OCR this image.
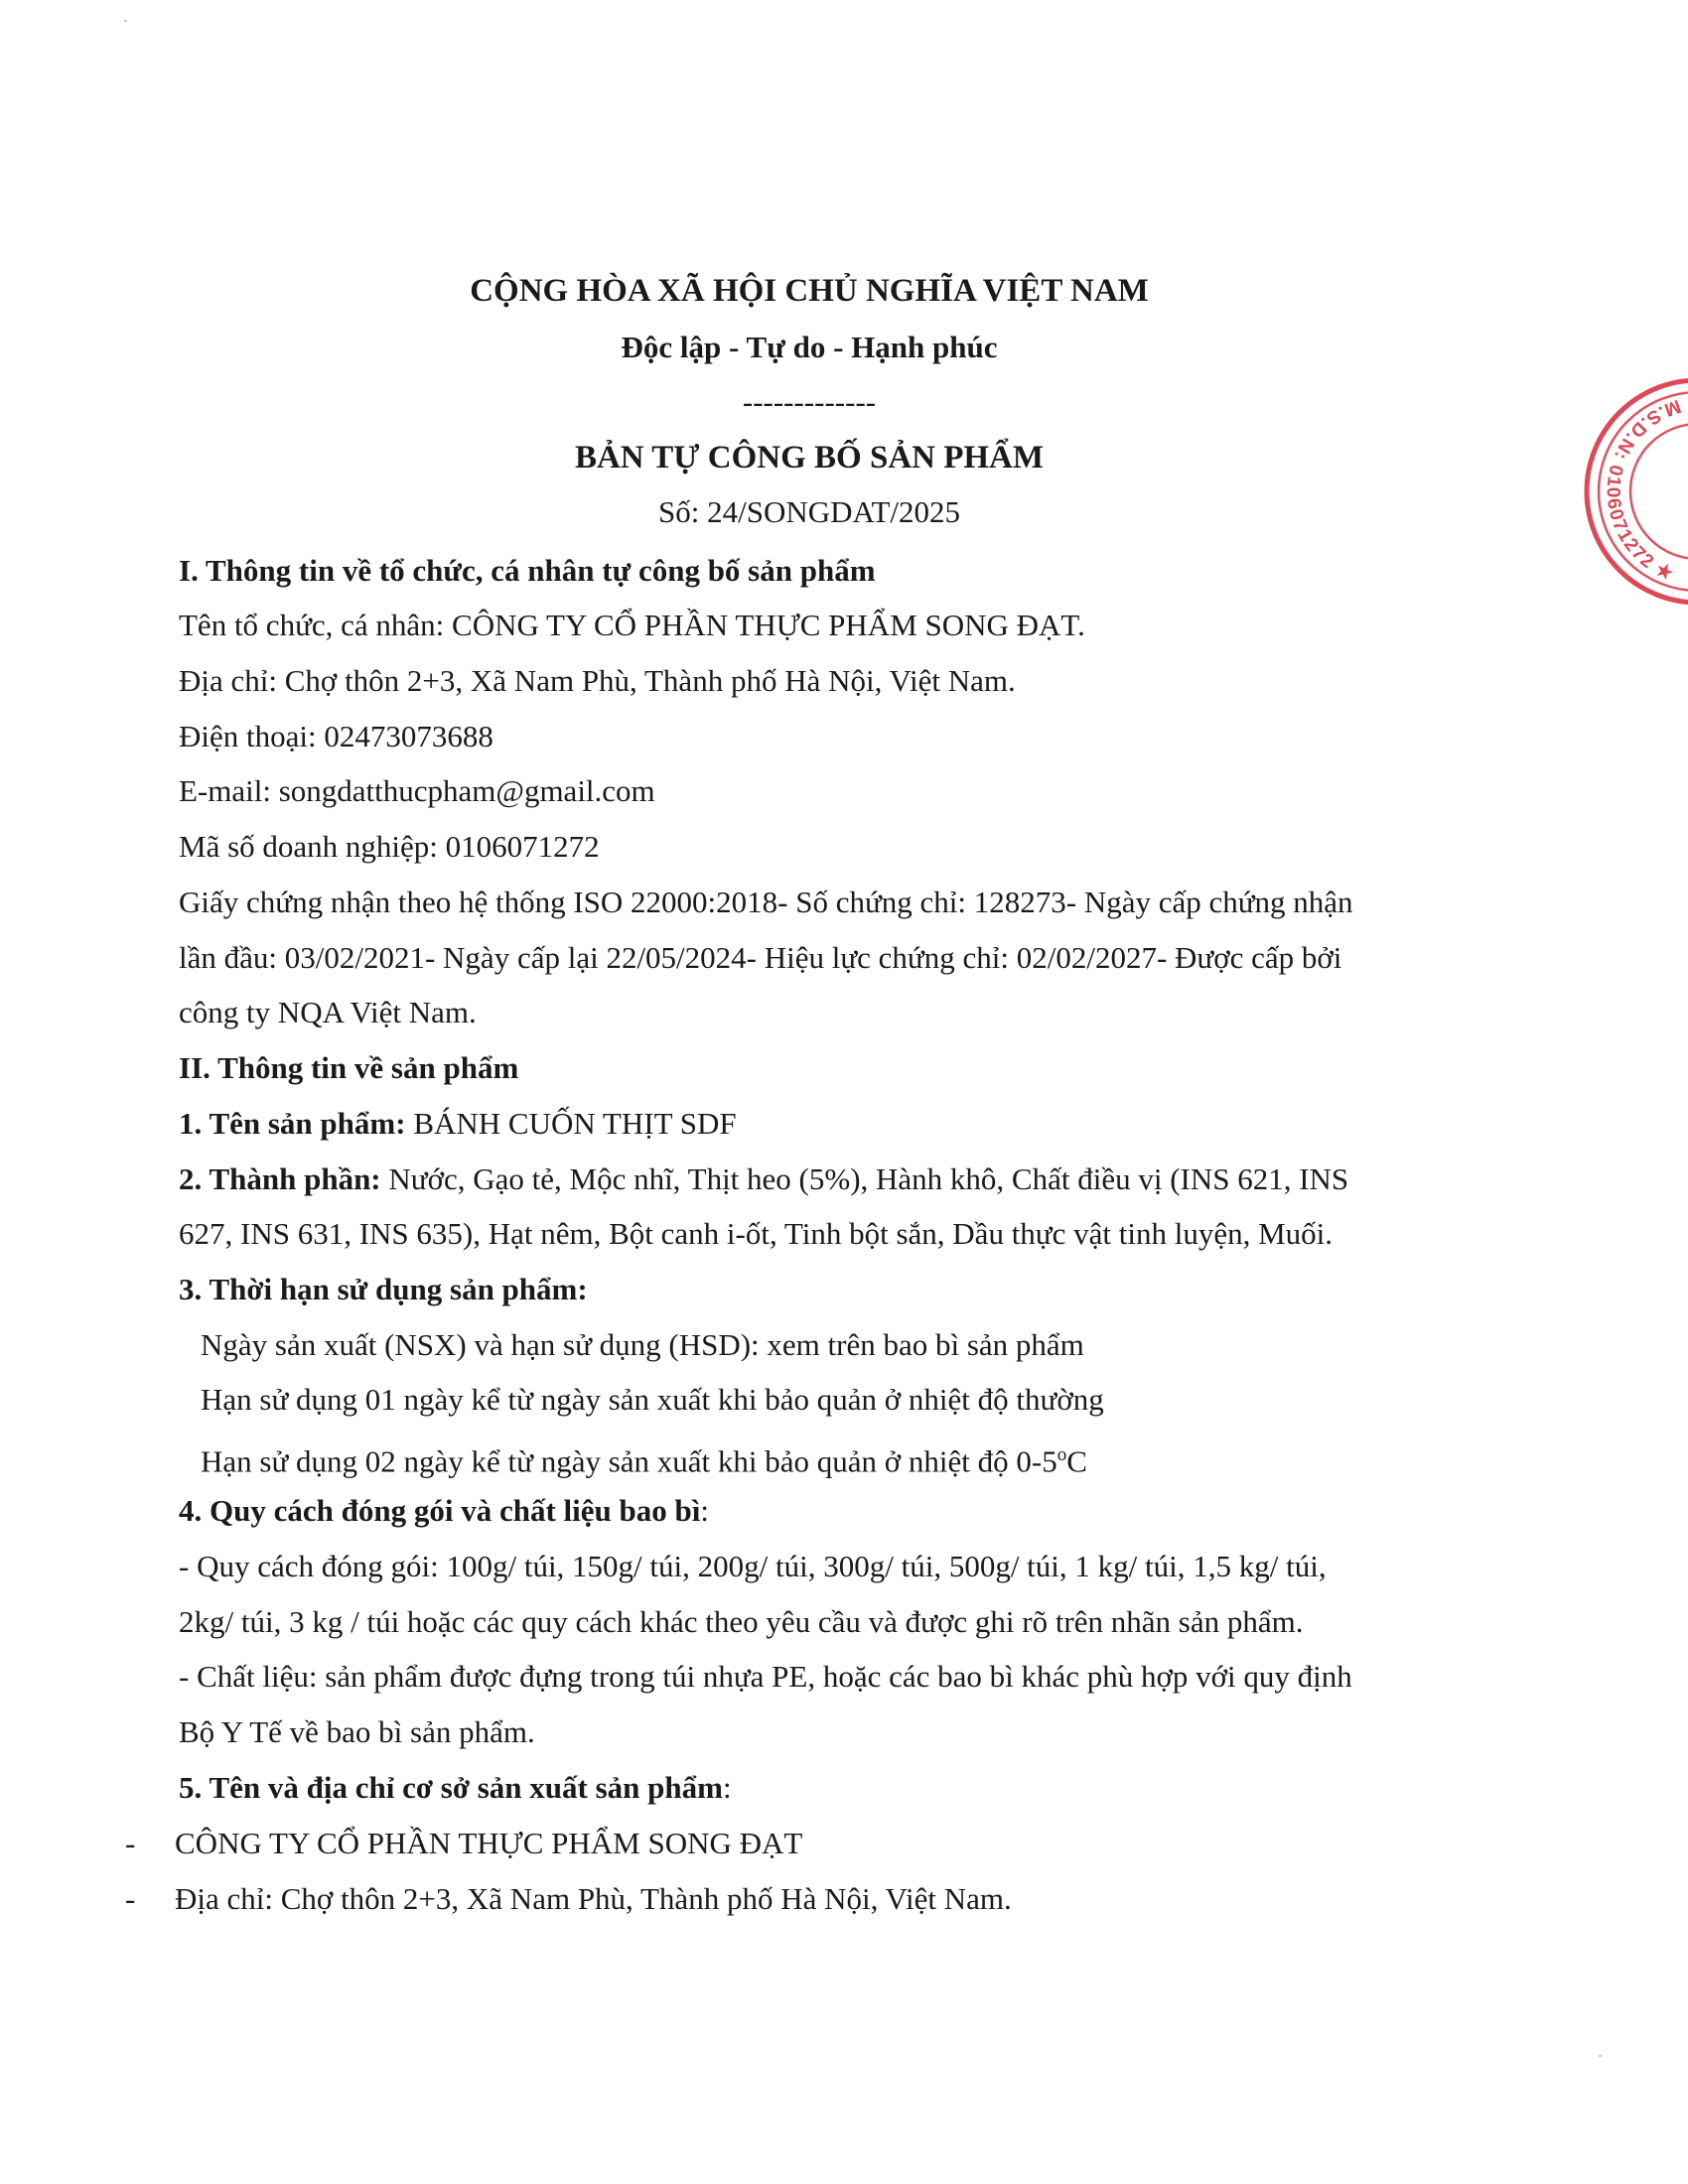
CỘNG HÒA XÃ HỘI CHỦ NGHĨA VIỆT NAM
Độc lập - Tự do - Hạnh phúc
-------------
BẢN TỰ CÔNG BỐ SẢN PHẨM
Số: 24/SONGDAT/2025
I. Thông tin về tổ chức, cá nhân tự công bố sản phẩm
Tên tổ chức, cá nhân: CÔNG TY CỔ PHẦN THỰC PHẨM SONG ĐẠT.
Địa chỉ: Chợ thôn 2+3, Xã Nam Phù, Thành phố Hà Nội, Việt Nam.
Điện thoại: 02473073688
E-mail: songdatthucpham@gmail.com
Mã số doanh nghiệp: 0106071272
Giấy chứng nhận theo hệ thống ISO 22000:2018- Số chứng chỉ: 128273- Ngày cấp chứng nhận
lần đầu: 03/02/2021- Ngày cấp lại 22/05/2024- Hiệu lực chứng chỉ: 02/02/2027- Được cấp bởi
công ty NQA Việt Nam.
II. Thông tin về sản phẩm
1. Tên sản phẩm: BÁNH CUỐN THỊT SDF
2. Thành phần: Nước, Gạo tẻ, Mộc nhĩ, Thịt heo (5%), Hành khô, Chất điều vị (INS 621, INS
627, INS 631, INS 635), Hạt nêm, Bột canh i-ốt, Tinh bột sắn, Dầu thực vật tinh luyện, Muối.
3. Thời hạn sử dụng sản phẩm:
Ngày sản xuất (NSX) và hạn sử dụng (HSD): xem trên bao bì sản phẩm
Hạn sử dụng 01 ngày kể từ ngày sản xuất khi bảo quản ở nhiệt độ thường
Hạn sử dụng 02 ngày kể từ ngày sản xuất khi bảo quản ở nhiệt độ 0-5$^o$C
4. Quy cách đóng gói và chất liệu bao bì:
- Quy cách đóng gói: 100g/ túi, 150g/ túi, 200g/ túi, 300g/ túi, 500g/ túi, 1 kg/ túi, 1,5 kg/ túi,
2kg/ túi, 3 kg / túi hoặc các quy cách khác theo yêu cầu và được ghi rõ trên nhãn sản phẩm.
- Chất liệu: sản phẩm được đựng trong túi nhựa PE, hoặc các bao bì khác phù hợp với quy định
Bộ Y Tế về bao bì sản phẩm.
5. Tên và địa chỉ cơ sở sản xuất sản phẩm:
- CÔNG TY CỔ PHẦN THỰC PHẨM SONG ĐẠT
- Địa chỉ: Chợ thôn 2+3, Xã Nam Phù, Thành phố Hà Nội, Việt Nam.
M.S.D.N: 0106071272 ★ CÔNG TY CỔ PHẦN THỰC PHẨM SONG ĐẠT ★ X
